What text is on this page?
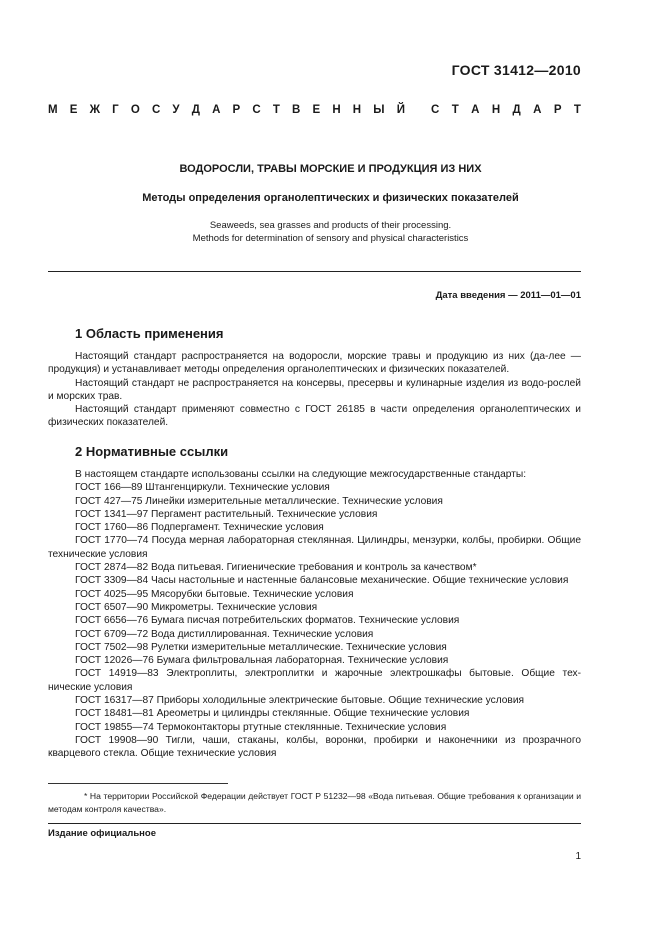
ГОСТ 31412—2010
М Е Ж Г О С У Д А Р С Т В Е Н Н Ы Й С Т А Н Д А Р Т
ВОДОРОСЛИ, ТРАВЫ МОРСКИЕ И ПРОДУКЦИЯ ИЗ НИХ
Методы определения органолептических и физических показателей
Seaweeds, sea grasses and products of their processing.
Methods for determination of sensory and physical characteristics
Дата введения — 2011—01—01
1 Область применения

Настоящий стандарт распространяется на водоросли, морские травы и продукцию из них (да-лее — продукция) и устанавливает методы определения органолептических и физических показателей.

Настоящий стандарт не распространяется на консервы, пресервы и кулинарные изделия из водо-рослей и морских трав.

Настоящий стандарт применяют совместно с ГОСТ 26185 в части определения органолептических и физических показателей.

2 Нормативные ссылки

В настоящем стандарте использованы ссылки на следующие межгосударственные стандарты:

ГОСТ 166—89 Штангенциркули. Технические условия

ГОСТ 427—75 Линейки измерительные металлические. Технические условия

ГОСТ 1341—97 Пергамент растительный. Технические условия

ГОСТ 1760—86 Подпергамент. Технические условия

ГОСТ 1770—74 Посуда мерная лабораторная стеклянная. Цилиндры, мензурки, колбы, пробирки. Общие технические условия

ГОСТ 2874—82 Вода питьевая. Гигиенические требования и контроль за качеством*

ГОСТ 3309—84 Часы настольные и настенные балансовые механические. Общие технические условия

ГОСТ 4025—95 Мясорубки бытовые. Технические условия

ГОСТ 6507—90 Микрометры. Технические условия

ГОСТ 6656—76 Бумага писчая потребительских форматов. Технические условия

ГОСТ 6709—72 Вода дистиллированная. Технические условия

ГОСТ 7502—98 Рулетки измерительные металлические. Технические условия

ГОСТ 12026—76 Бумага фильтровальная лабораторная. Технические условия

ГОСТ 14919—83 Электроплиты, электроплитки и жарочные электрошкафы бытовые. Общие тех-нические условия

ГОСТ 16317—87 Приборы холодильные электрические бытовые. Общие технические условия

ГОСТ 18481—81 Ареометры и цилиндры стеклянные. Общие технические условия

ГОСТ 19855—74 Термоконтакторы ртутные стеклянные. Технические условия

ГОСТ 19908—90 Тигли, чаши, стаканы, колбы, воронки, пробирки и наконечники из прозрачного кварцевого стекла. Общие технические условия

* На территории Российской Федерации действует ГОСТ Р 51232—98 «Вода питьевая. Общие требования к организации и методам контроля качества».
Издание официальное
1
